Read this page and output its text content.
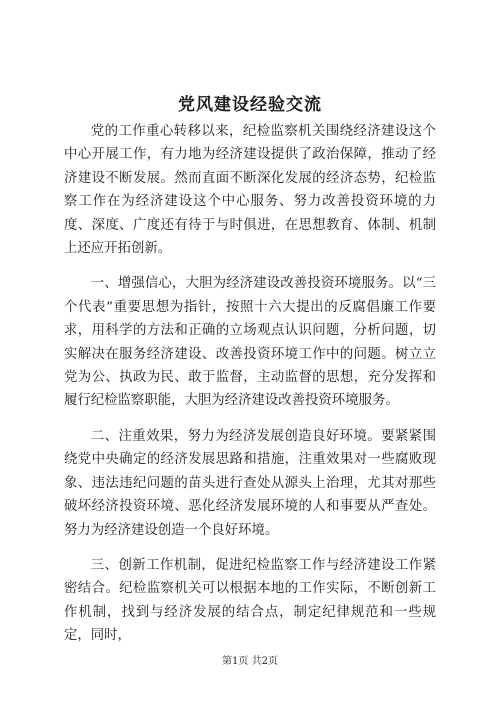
党风建设经验交流

党的工作重心转移以来，纪检监察机关围绕经济建设这个中心开展工作，有力地为经济建设提供了政治保障，推动了经济建设不断发展。然而直面不断深化发展的经济态势，纪检监察工作在为经济建设这个中心服务、努力改善投资环境的力度、深度、广度还有待于与时俱进，在思想教育、体制、机制上还应开拓创新。

一、增强信心，大胆为经济建设改善投资环境服务。以“三个代表”重要思想为指针，按照十六大提出的反腐倡廉工作要求，用科学的方法和正确的立场观点认识问题，分析问题，切实解决在服务经济建设、改善投资环境工作中的问题。树立立党为公、执政为民、敢于监督，主动监督的思想，充分发挥和履行纪检监察职能，大胆为经济建设改善投资环境服务。

二、注重效果，努力为经济发展创造良好环境。要紧紧围绕党中央确定的经济发展思路和措施，注重效果对一些腐败现象、违法违纪问题的苗头进行查处从源头上治理，尤其对那些破坏经济投资环境、恶化经济发展环境的人和事要从严查处。努力为经济建设创造一个良好环境。

三、创新工作机制，促进纪检监察工作与经济建设工作紧密结合。纪检监察机关可以根据本地的工作实际，不断创新工作机制，找到与经济发展的结合点，制定纪律规范和一些规定，同时，

第1页 共2页
